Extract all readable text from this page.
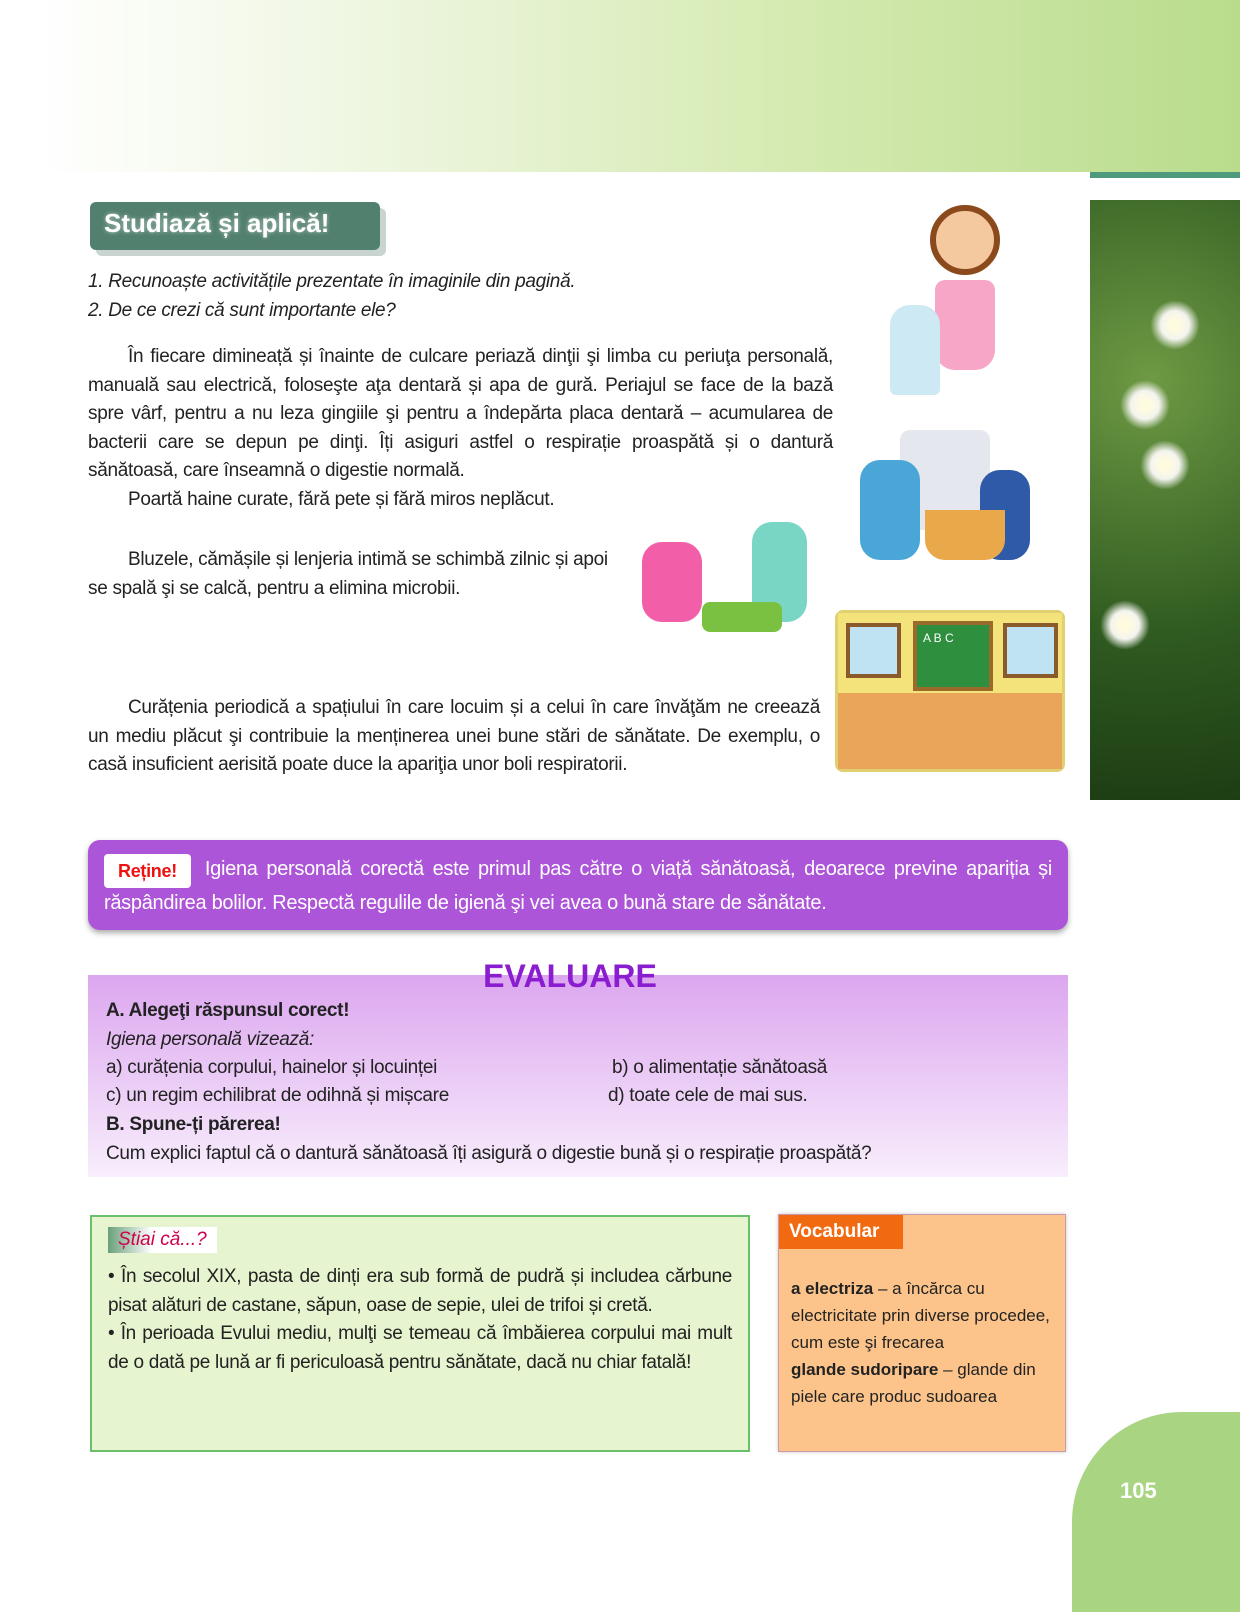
Studiază și aplică!
1. Recunoaște activitățile prezentate în imaginile din pagină.
2. De ce crezi că sunt importante ele?
În fiecare dimineață și înainte de culcare periază dinţii şi limba cu periuţa personală, manuală sau electrică, foloseşte aţa dentară și apa de gură. Periajul se face de la bază spre vârf, pentru a nu leza gingiile şi pentru a îndepărta placa dentară – acumularea de bacterii care se depun pe dinţi. Îți asiguri astfel o respirație proaspătă și o dantură sănătoasă, care înseamnă o digestie normală.
Poartă haine curate, fără pete și fără miros neplăcut.
Bluzele, cămășile și lenjeria intimă se schimbă zilnic și apoi se spală şi se calcă, pentru a elimina microbii.
Curățenia periodică a spațiului în care locuim și a celui în care învăţăm ne creează un mediu plăcut şi contribuie la menținerea unei bune stări de sănătate. De exemplu, o casă insuficient aerisită poate duce la apariţia unor boli respiratorii.
A B C
Reține! Igiena personală corectă este primul pas către o viață sănătoasă, deoarece previne apariția și răspândirea bolilor. Respectă regulile de igienă şi vei avea o bună stare de sănătate.
A. Alegeţi răspunsul corect!
Igiena personală vizează:
a) curățenia corpului, hainelor și locuinței	b) o alimentație sănătoasă
c) un regim echilibrat de odihnă și mișcare	d) toate cele de mai sus.
B. Spune-ți părerea!
Cum explici faptul că o dantură sănătoasă îți asigură o digestie bună și o respirație proaspătă?
EVALUARE
Știai că...?
• În secolul XIX, pasta de dinți era sub formă de pudră și includea cărbune pisat alături de castane, săpun, oase de sepie, ulei de trifoi și cretă.
• În perioada Evului mediu, mulţi se temeau că îmbăierea corpului mai mult de o dată pe lună ar fi periculoasă pentru sănătate, dacă nu chiar fatală!
Vocabular
a electriza – a încărca cu electricitate prin diverse procedee, cum este şi frecarea
glande sudoripare – glande din piele care produc sudoarea
105
